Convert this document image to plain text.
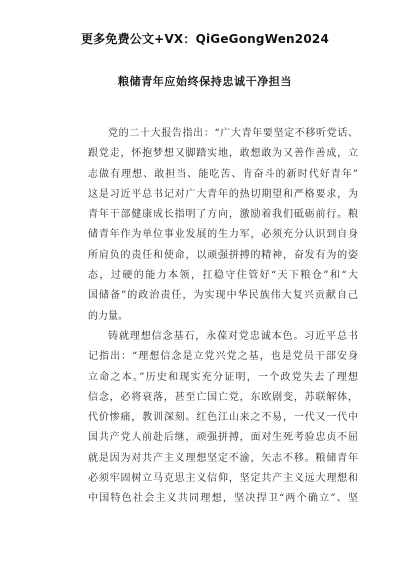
更多免费公文+VX：QiGeGongWen2024
粮储青年应始终保持忠诚干净担当

党的二十大报告指出：“广大青年要坚定不移听党话、
跟党走，怀抱梦想又脚踏实地，敢想敢为又善作善成，立
志做有理想、敢担当、能吃苦、肯奋斗的新时代好青年”
这是习近平总书记对广大青年的热切期望和严格要求，为
青年干部健康成长指明了方向，激励着我们砥砺前行。粮
储青年作为单位事业发展的生力军，必须充分认识到自身
所肩负的责任和使命，以顽强拼搏的精神，奋发有为的姿
态，过硬的能力本领，扛稳守住管好“天下粮仓”和“大
国储备”的政治责任，为实现中华民族伟大复兴贡献自己
的力量。

铸就理想信念基石，永葆对党忠诚本色。习近平总书
记指出：“理想信念是立党兴党之基，也是党员干部安身
立命之本。”历史和现实充分证明，一个政党失去了理想
信念，必将衰落，甚至亡国亡党，东欧剧变，苏联解体，
代价惨痛，教训深刻。红色江山来之不易，一代又一代中
国共产党人前赴后继，顽强拼搏，面对生死考验忠贞不屈
就是因为对共产主义理想坚定不渝，矢志不移。粮储青年
必须牢固树立马克思主义信仰，坚定共产主义远大理想和
中国特色社会主义共同理想，坚决捍卫“两个确立”、坚
